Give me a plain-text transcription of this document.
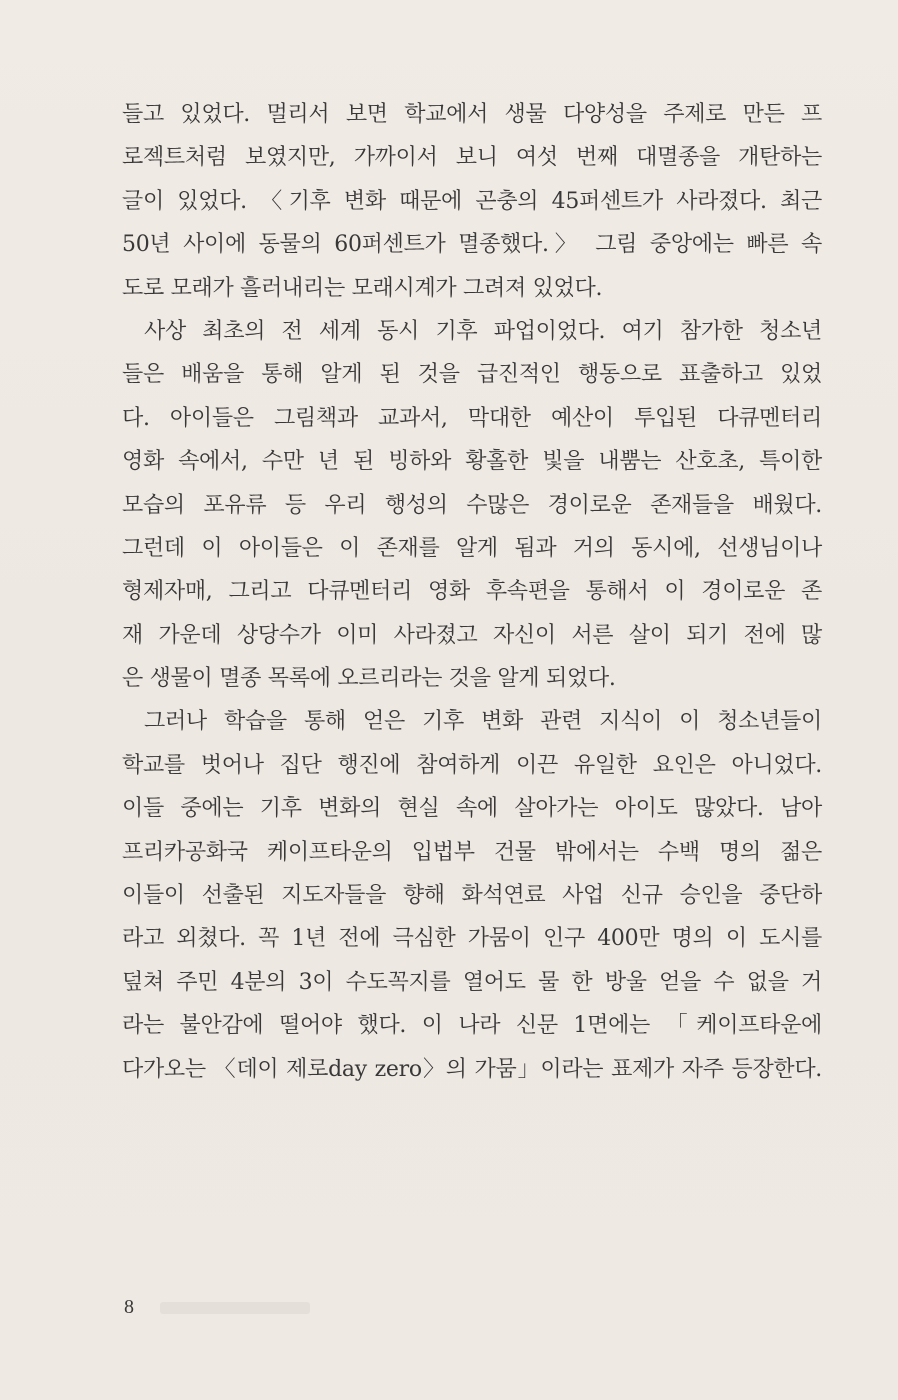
들고 있었다. 멀리서 보면 학교에서 생물 다양성을 주제로 만든 프
로젝트처럼 보였지만, 가까이서 보니 여섯 번째 대멸종을 개탄하는
글이 있었다. 〈기후 변화 때문에 곤충의 45퍼센트가 사라졌다. 최근
50년 사이에 동물의 60퍼센트가 멸종했다.〉 그림 중앙에는 빠른 속
도로 모래가 흘러내리는 모래시계가 그려져 있었다.
사상 최초의 전 세계 동시 기후 파업이었다. 여기 참가한 청소년
들은 배움을 통해 알게 된 것을 급진적인 행동으로 표출하고 있었
다. 아이들은 그림책과 교과서, 막대한 예산이 투입된 다큐멘터리
영화 속에서, 수만 년 된 빙하와 황홀한 빛을 내뿜는 산호초, 특이한
모습의 포유류 등 우리 행성의 수많은 경이로운 존재들을 배웠다.
그런데 이 아이들은 이 존재를 알게 됨과 거의 동시에, 선생님이나
형제자매, 그리고 다큐멘터리 영화 후속편을 통해서 이 경이로운 존
재 가운데 상당수가 이미 사라졌고 자신이 서른 살이 되기 전에 많
은 생물이 멸종 목록에 오르리라는 것을 알게 되었다.
그러나 학습을 통해 얻은 기후 변화 관련 지식이 이 청소년들이
학교를 벗어나 집단 행진에 참여하게 이끈 유일한 요인은 아니었다.
이들 중에는 기후 변화의 현실 속에 살아가는 아이도 많았다. 남아
프리카공화국 케이프타운의 입법부 건물 밖에서는 수백 명의 젊은
이들이 선출된 지도자들을 향해 화석연료 사업 신규 승인을 중단하
라고 외쳤다. 꼭 1년 전에 극심한 가뭄이 인구 400만 명의 이 도시를
덮쳐 주민 4분의 3이 수도꼭지를 열어도 물 한 방울 얻을 수 없을 거
라는 불안감에 떨어야 했다. 이 나라 신문 1면에는 「케이프타운에
다가오는 〈데이 제로day zero〉의 가뭄」이라는 표제가 자주 등장한다.
8
